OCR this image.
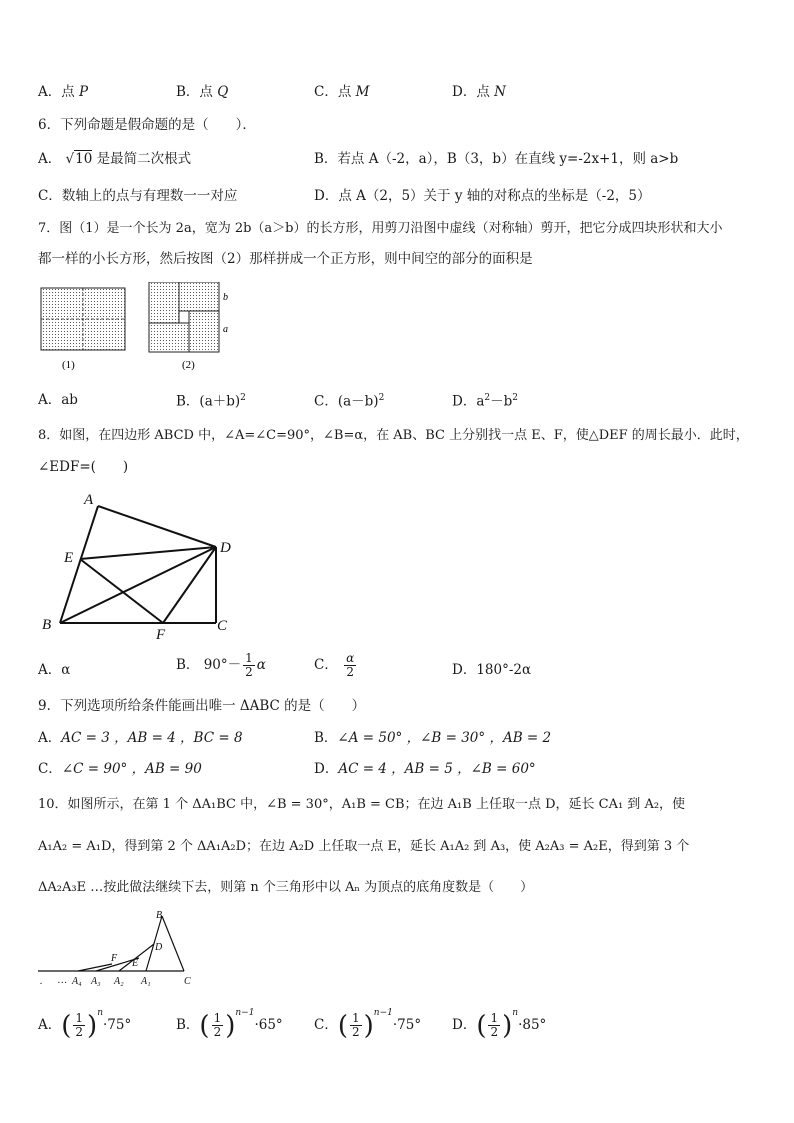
A．点 P	B．点 Q	C．点 M	D．点 N
6．下列命题是假命题的是（　　）．
A． √10 是最简二次根式	B．若点 A（-2，a），B（3，b）在直线 y=-2x+1，则 a>b
C．数轴上的点与有理数一一对应	D．点 A（2，5）关于 y 轴的对称点的坐标是（-2，5）
7．图（1）是一个长为 2a，宽为 2b（a＞b）的长方形，用剪刀沿图中虚线（对称轴）剪开，把它分成四块形状和大小
都一样的小长方形，然后按图（2）那样拼成一个正方形，则中间空的部分的面积是
(1)
b
a
(2)
A．ab	B．$(a+b)^2$	C．$(a-b)^2$	D．$a^2-b^2$
8．如图，在四边形 ABCD 中，∠A=∠C=90°，∠B=α，在 AB、BC 上分别找一点 E、F，使△DEF 的周长最小．此时，
∠EDF=(　　)
A
D
E
B
F
C
A．α	B． $90^\circ- \frac{1}{2}$ α	C． $\frac{\alpha}{2}$	D．180°-2α
9．下列选项所给条件能画出唯一 ΔABC 的是（　　）
A．AC = 3 ，AB = 4 ，BC = 8	B．∠A = 50° ，∠B = 30° ，AB = 2
C．∠C = 90° ，AB = 90	D．AC = 4 ，AB = 5 ，∠B = 60°
10．如图所示，在第 1 个 ΔA₁BC 中，∠B = 30°，A₁B = CB；在边 A₁B 上任取一点 D，延长 CA₁ 到 A₂，使
A₁A₂ = A₁D，得到第 2 个 ΔA₁A₂D；在边 A₂D 上任取一点 E，延长 A₁A₂ 到 A₃，使 A₂A₃ = A₂E，得到第 3 个
ΔA₂A₃E …按此做法继续下去，则第 n 个三角形中以 Aₙ 为顶点的底角度数是（　　）
B
D
F E
… A₄ A₃ A₂ A₁	C
.
A． ( $\frac{1}{2}$ ) $^n$·75°	B． ( $\frac{1}{2}$ ) $^{n-1}$·65° C． ( $\frac{1}{2}$ ) $^{n-1}$·75° D． ( $\frac{1}{2}$ ) $^n$·85°
